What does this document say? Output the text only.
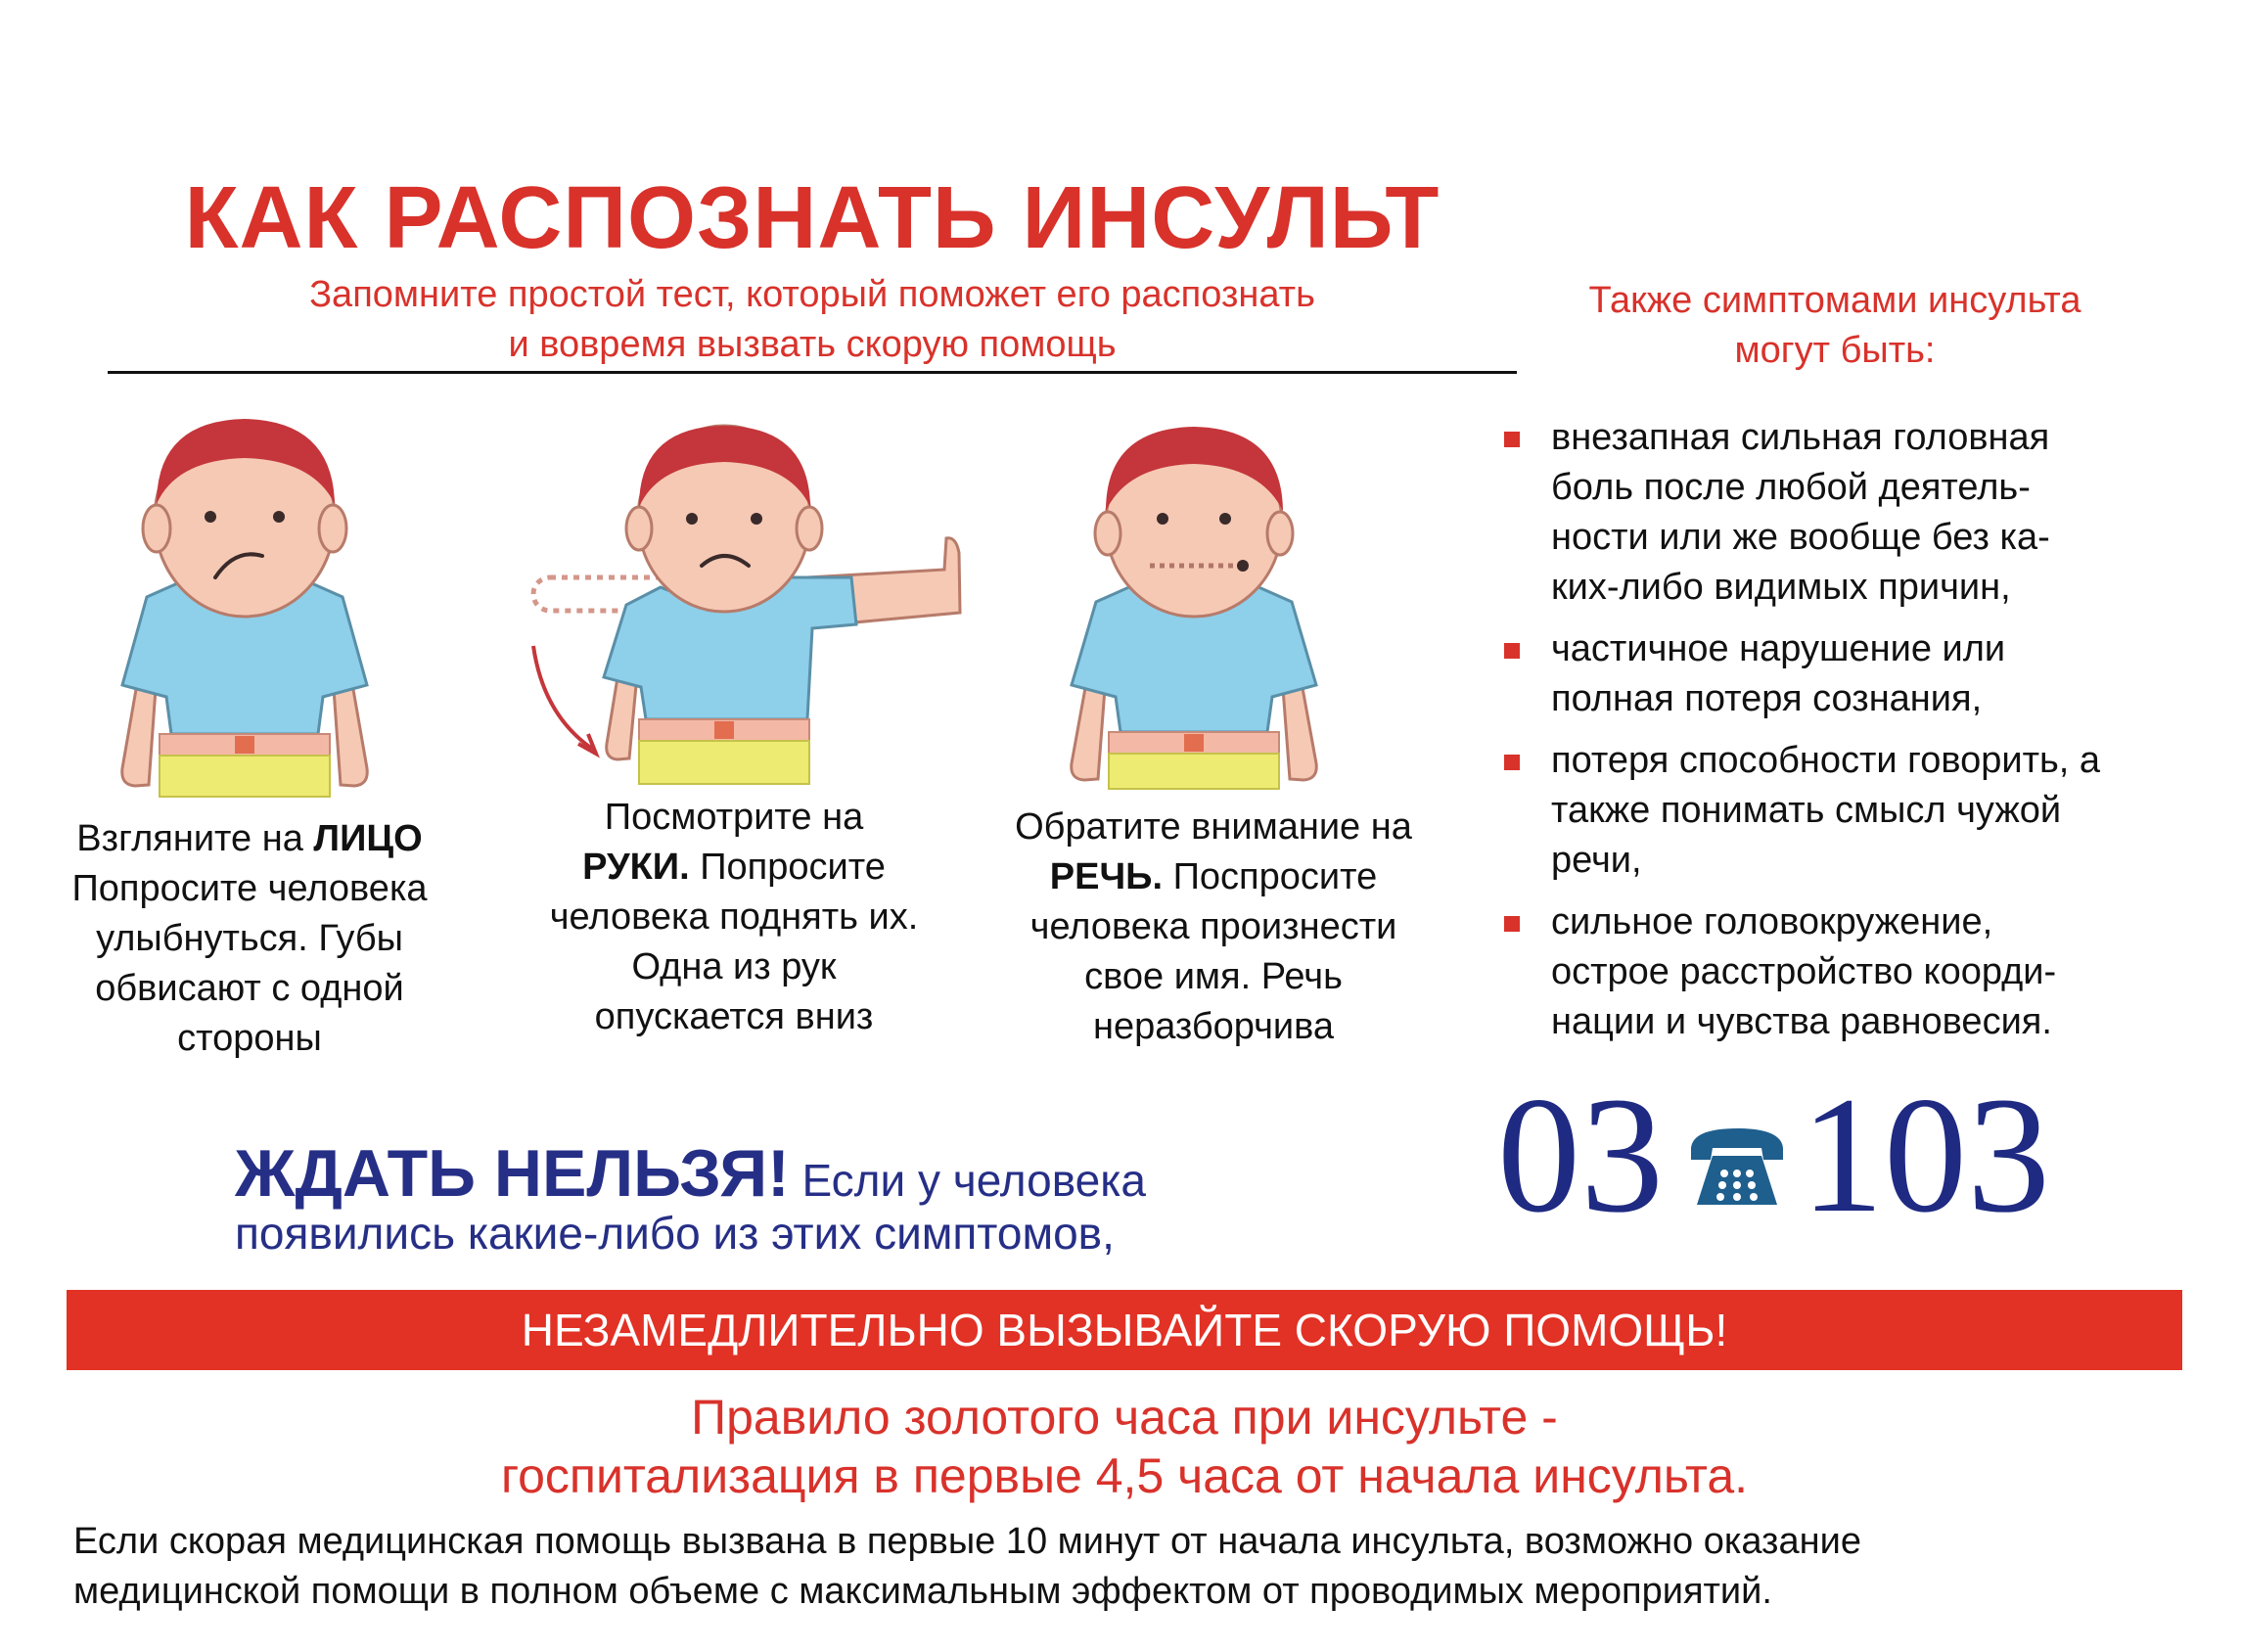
КАК РАСПОЗНАТЬ ИНСУЛЬТ
Запомните простой тест, который поможет его распознать
и вовремя вызвать скорую помощь
Взгляните на ЛИЦО
Попросите человека
улыбнуться. Губы
обвисают с одной
стороны
Посмотрите на
РУКИ. Попросите
человека поднять их.
Одна из рук
опускается вниз
Обратите внимание на
РЕЧЬ. Поспросите
человека произнести
свое имя. Речь
неразборчива
Также симптомами инсульта
могут быть:
внезапная сильная головная
боль после любой деятель-
ности или же вообще без ка-
ких-либо видимых причин,
частичное нарушение или
полная потеря сознания,
потеря способности говорить, а
также понимать смысл чужой
речи,
сильное головокружение,
острое расстройство коорди-
нации и чувства равновесия.
ЖДАТЬ НЕЛЬЗЯ! Если у человека
появились какие-либо из этих симптомов,	03 103
НЕЗАМЕДЛИТЕЛЬНО ВЫЗЫВАЙТЕ СКОРУЮ ПОМОЩЬ!
Правило золотого часа при инсульте -
госпитализация в первые 4,5 часа от начала инсульта.
Если скорая медицинская помощь вызвана в первые 10 минут от начала инсульта, возможно оказание
медицинской помощи в полном объеме с максимальным эффектом от проводимых мероприятий.
